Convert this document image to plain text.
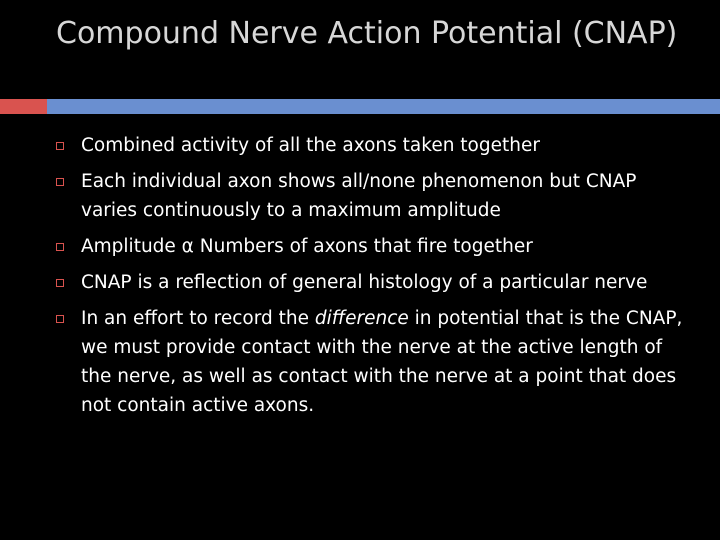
Compound Nerve Action Potential (CNAP)
Combined activity of all the axons taken together
Each individual axon shows all/none phenomenon but CNAP varies continuously to a maximum amplitude
Amplitude α Numbers of axons that fire together
CNAP is a reflection of general histology of a particular nerve
In an effort to record the difference in potential that is the CNAP, we must provide contact with the nerve at the active length of the nerve, as well as contact with the nerve at a point that does not contain active axons.
